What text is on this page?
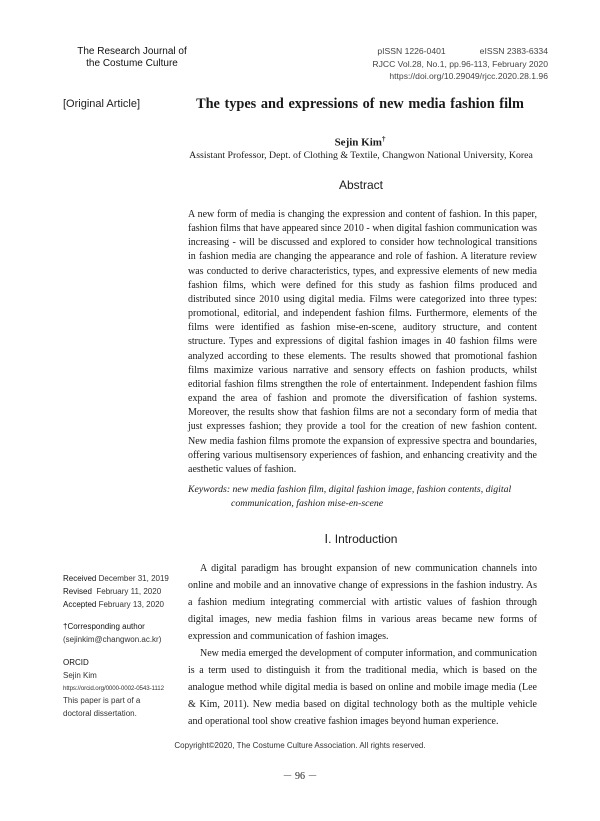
The Research Journal of
the Costume Culture
pISSN 1226-0401	eISSN 2383-6334
RJCC Vol.28, No.1, pp.96-113, February 2020
https://doi.org/10.29049/rjcc.2020.28.1.96
[Original Article]	The types and expressions of new media fashion film
Sejin Kim†
Assistant Professor, Dept. of Clothing & Textile, Changwon National University, Korea
Abstract
A new form of media is changing the expression and content of fashion. In this paper, fashion films that have appeared since 2010 - when digital fashion communication was increasing - will be discussed and explored to consider how technological transitions in fashion media are changing the appearance and role of fashion. A literature review was conducted to derive characteristics, types, and expressive elements of new media fashion films, which were defined for this study as fashion films produced and distributed since 2010 using digital media. Films were categorized into three types: promotional, editorial, and independent fashion films. Furthermore, elements of the films were identified as fashion mise-en-scene, auditory structure, and content structure. Types and expressions of digital fashion images in 40 fashion films were analyzed according to these elements. The results showed that promotional fashion films maximize various narrative and sensory effects on fashion products, whilst editorial fashion films strengthen the role of entertainment. Independent fashion films expand the area of fashion and promote the diversification of fashion systems. Moreover, the results show that fashion films are not a secondary form of media that just expresses fashion; they provide a tool for the creation of new fashion content. New media fashion films promote the expansion of expressive spectra and boundaries, offering various multisensory experiences of fashion, and enhancing creativity and the aesthetic values of fashion.
Keywords: new media fashion film, digital fashion image, fashion contents, digital
communication, fashion mise-en-scene
Ⅰ. Introduction

A digital paradigm has brought expansion of new communication channels into online and mobile and an innovative change of expressions in the fashion industry. As a fashion medium integrating commercial with artistic values of fashion through digital images, new media fashion films in various areas became new forms of expression and communication of fashion images.

New media emerged the development of computer information, and communication is a term used to distinguish it from the traditional media, which is based on the analogue method while digital media is based on online and mobile image media (Lee & Kim, 2011). New media based on digital technology both as the multiple vehicle and operational tool show creative fashion images beyond human experience.

Received December 31, 2019
Revised February 11, 2020
Accepted February 13, 2020
†Corresponding author
(sejinkim@changwon.ac.kr)
ORCID
Sejin Kim
https://orcid.org/0000-0002-0543-1112
This paper is part of a
doctoral dissertation.
Copyright©2020, The Costume Culture Association. All rights reserved.
－ 96 －
